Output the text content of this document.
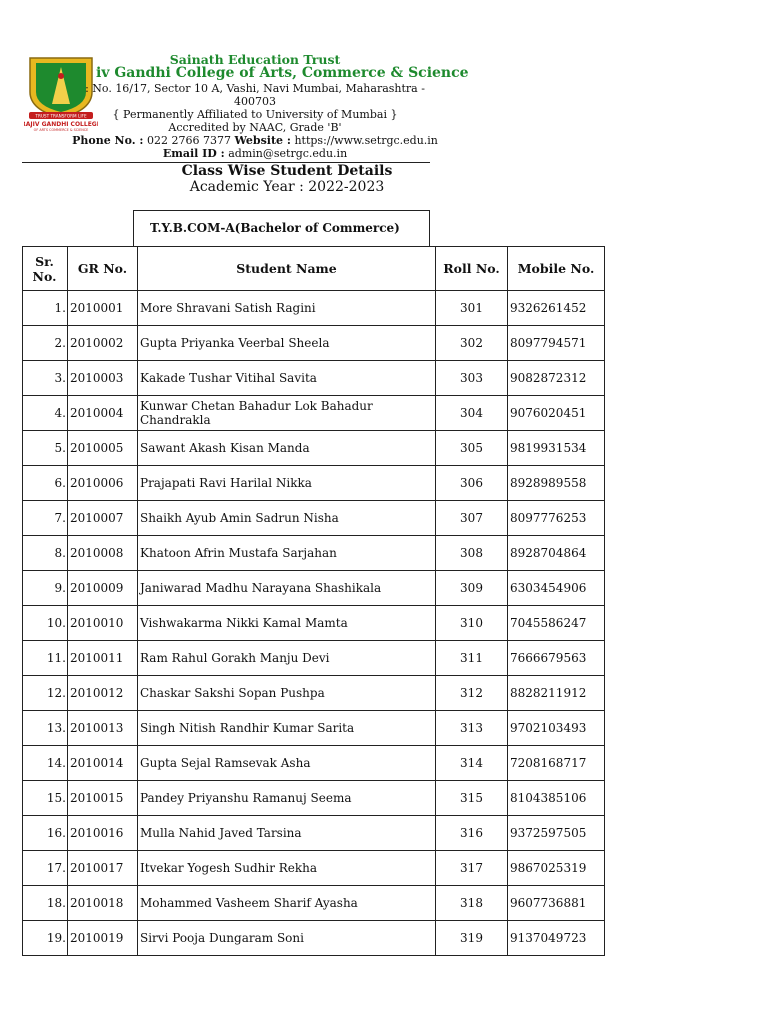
TRUST TRANSFORM LIFE
RAJIV GANDHI COLLEGE
OF ARTS COMMERCE & SCIENCE
Sainath Education Trust
iv Gandhi College of Arts, Commerce & Science
: No. 16/17, Sector 10 A, Vashi, Navi Mumbai, Maharashtra -
400703
{ Permanently Affiliated to University of Mumbai }
Accredited by NAAC, Grade 'B'
Phone No. : 022 2766 7377 Website : https://www.setrgc.edu.in
Email ID : admin@setrgc.edu.in
Class Wise Student Details
Academic Year : 2022-2023
T.Y.B.COM-A(Bachelor of Commerce)
Sr. No.	GR No.	Student Name	Roll No.	Mobile No.
1.	2010001	More Shravani Satish Ragini	301	9326261452
2.	2010002	Gupta Priyanka Veerbal Sheela	302	8097794571
3.	2010003	Kakade Tushar Vitihal Savita	303	9082872312
4.	2010004	Kunwar Chetan Bahadur Lok Bahadur Chandrakla	304	9076020451
5.	2010005	Sawant Akash Kisan Manda	305	9819931534
6.	2010006	Prajapati Ravi Harilal Nikka	306	8928989558
7.	2010007	Shaikh Ayub Amin Sadrun Nisha	307	8097776253
8.	2010008	Khatoon Afrin Mustafa Sarjahan	308	8928704864
9.	2010009	Janiwarad Madhu Narayana Shashikala	309	6303454906
10.	2010010	Vishwakarma Nikki Kamal Mamta	310	7045586247
11.	2010011	Ram Rahul Gorakh Manju Devi	311	7666679563
12.	2010012	Chaskar Sakshi Sopan Pushpa	312	8828211912
13.	2010013	Singh Nitish Randhir Kumar Sarita	313	9702103493
14.	2010014	Gupta Sejal Ramsevak Asha	314	7208168717
15.	2010015	Pandey Priyanshu Ramanuj Seema	315	8104385106
16.	2010016	Mulla Nahid Javed Tarsina	316	9372597505
17.	2010017	Itvekar Yogesh Sudhir Rekha	317	9867025319
18.	2010018	Mohammed Vasheem Sharif Ayasha	318	9607736881
19.	2010019	Sirvi Pooja Dungaram Soni	319	9137049723
